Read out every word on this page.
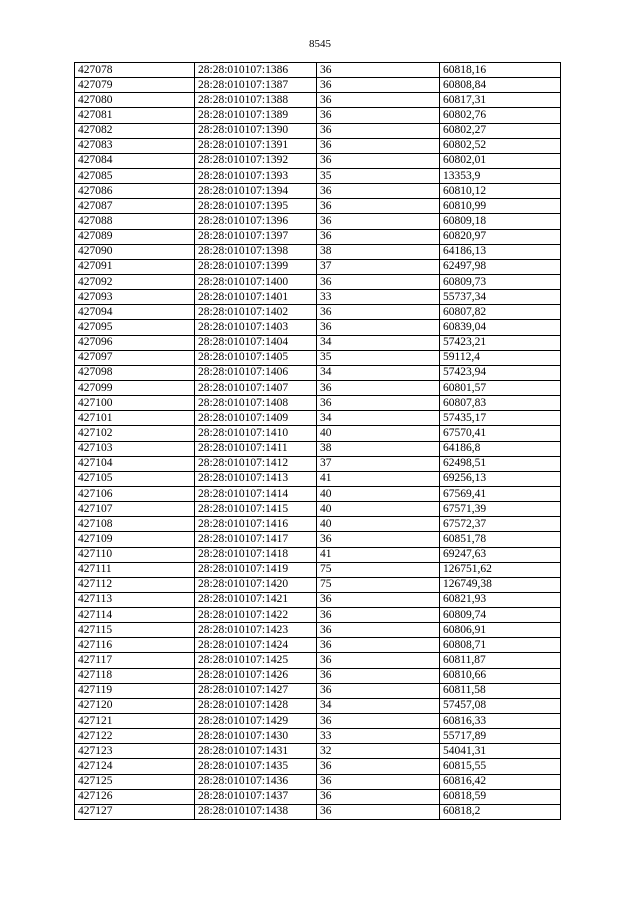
8545
427078	28:28:010107:1386	36	60818,16
427079	28:28:010107:1387	36	60808,84
427080	28:28:010107:1388	36	60817,31
427081	28:28:010107:1389	36	60802,76
427082	28:28:010107:1390	36	60802,27
427083	28:28:010107:1391	36	60802,52
427084	28:28:010107:1392	36	60802,01
427085	28:28:010107:1393	35	13353,9
427086	28:28:010107:1394	36	60810,12
427087	28:28:010107:1395	36	60810,99
427088	28:28:010107:1396	36	60809,18
427089	28:28:010107:1397	36	60820,97
427090	28:28:010107:1398	38	64186,13
427091	28:28:010107:1399	37	62497,98
427092	28:28:010107:1400	36	60809,73
427093	28:28:010107:1401	33	55737,34
427094	28:28:010107:1402	36	60807,82
427095	28:28:010107:1403	36	60839,04
427096	28:28:010107:1404	34	57423,21
427097	28:28:010107:1405	35	59112,4
427098	28:28:010107:1406	34	57423,94
427099	28:28:010107:1407	36	60801,57
427100	28:28:010107:1408	36	60807,83
427101	28:28:010107:1409	34	57435,17
427102	28:28:010107:1410	40	67570,41
427103	28:28:010107:1411	38	64186,8
427104	28:28:010107:1412	37	62498,51
427105	28:28:010107:1413	41	69256,13
427106	28:28:010107:1414	40	67569,41
427107	28:28:010107:1415	40	67571,39
427108	28:28:010107:1416	40	67572,37
427109	28:28:010107:1417	36	60851,78
427110	28:28:010107:1418	41	69247,63
427111	28:28:010107:1419	75	126751,62
427112	28:28:010107:1420	75	126749,38
427113	28:28:010107:1421	36	60821,93
427114	28:28:010107:1422	36	60809,74
427115	28:28:010107:1423	36	60806,91
427116	28:28:010107:1424	36	60808,71
427117	28:28:010107:1425	36	60811,87
427118	28:28:010107:1426	36	60810,66
427119	28:28:010107:1427	36	60811,58
427120	28:28:010107:1428	34	57457,08
427121	28:28:010107:1429	36	60816,33
427122	28:28:010107:1430	33	55717,89
427123	28:28:010107:1431	32	54041,31
427124	28:28:010107:1435	36	60815,55
427125	28:28:010107:1436	36	60816,42
427126	28:28:010107:1437	36	60818,59
427127	28:28:010107:1438	36	60818,2
